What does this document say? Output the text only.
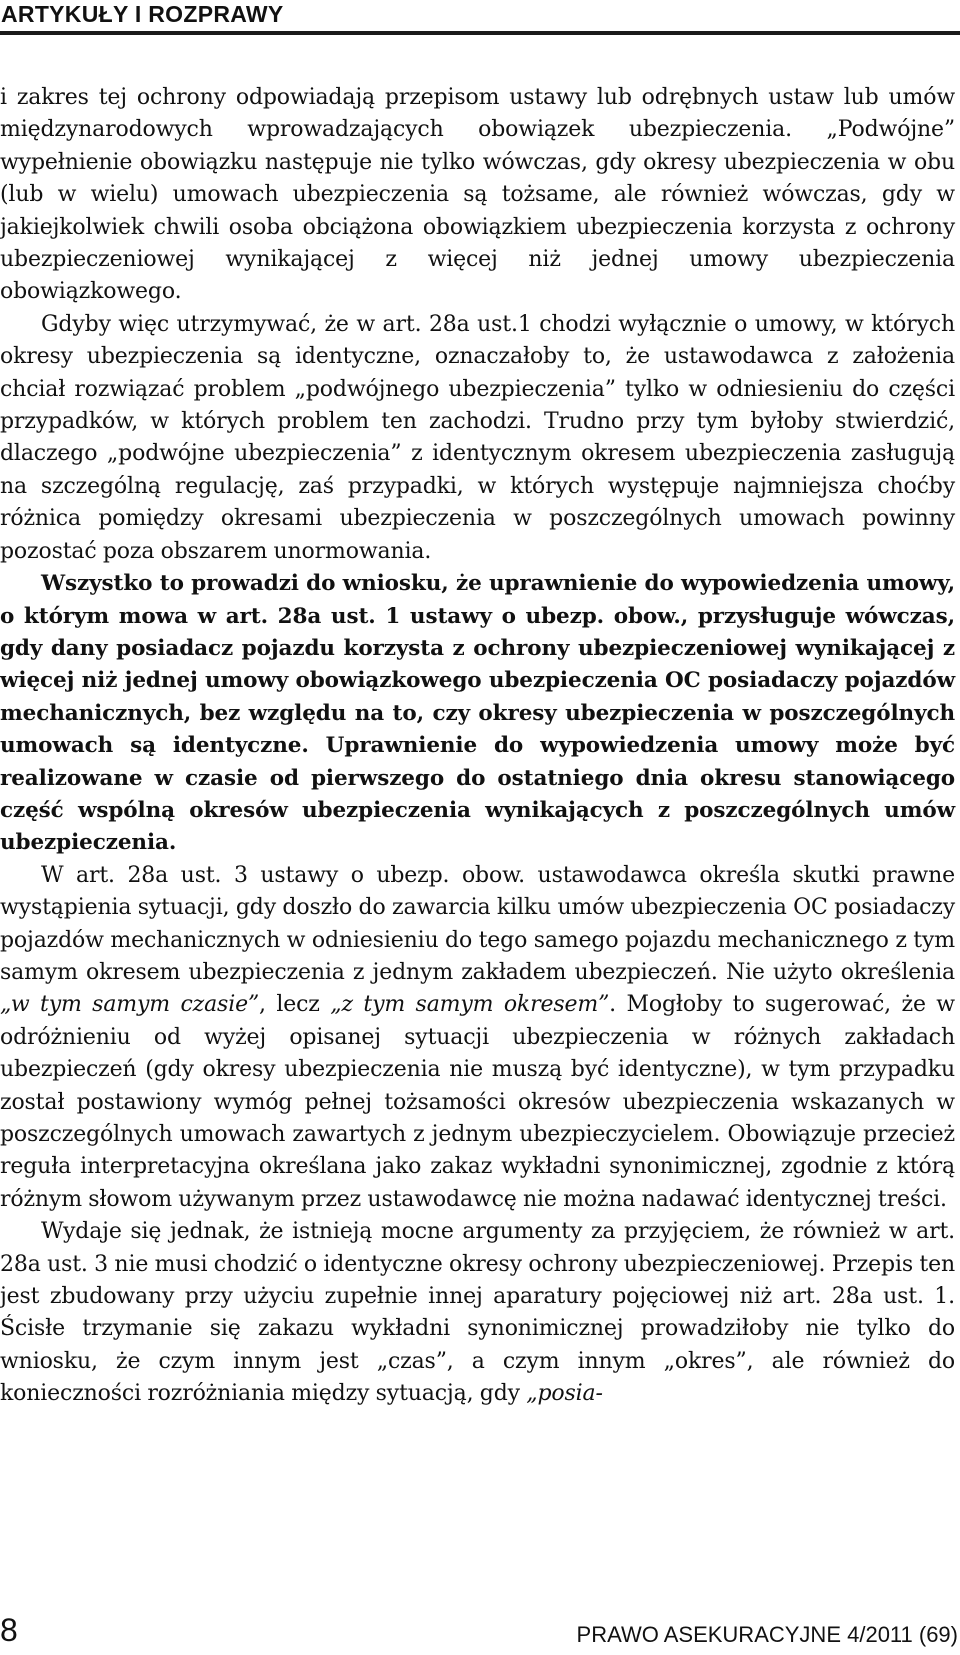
ARTYKUŁY I ROZPRAWY

i zakres tej ochrony odpowiadają przepisom ustawy lub odrębnych ustaw lub umów międzynarodowych wprowadzających obowiązek ubezpieczenia. „Podwójne” wypełnienie obowiązku następuje nie tylko wówczas, gdy okresy ubezpieczenia w obu (lub w wielu) umowach ubezpieczenia są tożsame, ale również wówczas, gdy w jakiejkolwiek chwili osoba obciążona obowiązkiem ubezpieczenia korzysta z ochrony ubezpieczeniowej wynikającej z więcej niż jednej umowy ubezpieczenia obowiązkowego.

Gdyby więc utrzymywać, że w art. 28a ust.1 chodzi wyłącznie o umowy, w których okresy ubezpieczenia są identyczne, oznaczałoby to, że ustawodawca z założenia chciał rozwiązać problem „podwójnego ubezpieczenia” tylko w odniesieniu do części przypadków, w których problem ten zachodzi. Trudno przy tym byłoby stwierdzić, dlaczego „podwójne ubezpieczenia” z identycznym okresem ubezpieczenia zasługują na szczególną regulację, zaś przypadki, w których występuje najmniejsza choćby różnica pomiędzy okresami ubezpieczenia w poszczególnych umowach powinny pozostać poza obszarem unormowania.

Wszystko to prowadzi do wniosku, że uprawnienie do wypowiedzenia umowy, o którym mowa w art. 28a ust. 1 ustawy o ubezp. obow., przysługuje wówczas, gdy dany posiadacz pojazdu korzysta z ochrony ubezpieczeniowej wynikającej z więcej niż jednej umowy obowiązkowego ubezpieczenia OC posiadaczy pojazdów mechanicznych, bez względu na to, czy okresy ubezpieczenia w poszczególnych umowach są identyczne. Uprawnienie do wypowiedzenia umowy może być realizowane w czasie od pierwszego do ostatniego dnia okresu stanowiącego część wspólną okresów ubezpieczenia wynikających z poszczególnych umów ubezpieczenia.

W art. 28a ust. 3 ustawy o ubezp. obow. ustawodawca określa skutki prawne wystąpienia sytuacji, gdy doszło do zawarcia kilku umów ubezpieczenia OC posiadaczy pojazdów mechanicznych w odniesieniu do tego samego pojazdu mechanicznego z tym samym okresem ubezpieczenia z jednym zakładem ubezpieczeń. Nie użyto określenia „w tym samym czasie”, lecz „z tym samym okresem”. Mogłoby to sugerować, że w odróżnieniu od wyżej opisanej sytuacji ubezpieczenia w różnych zakładach ubezpieczeń (gdy okresy ubezpieczenia nie muszą być identyczne), w tym przypadku został postawiony wymóg pełnej tożsamości okresów ubezpieczenia wskazanych w poszczególnych umowach zawartych z jednym ubezpieczycielem. Obowiązuje przecież reguła interpretacyjna określana jako zakaz wykładni synonimicznej, zgodnie z którą różnym słowom używanym przez ustawodawcę nie można nadawać identycznej treści.

Wydaje się jednak, że istnieją mocne argumenty za przyjęciem, że również w art. 28a ust. 3 nie musi chodzić o identyczne okresy ochrony ubezpieczeniowej. Przepis ten jest zbudowany przy użyciu zupełnie innej aparatury pojęciowej niż art. 28a ust. 1. Ścisłe trzymanie się zakazu wykładni synonimicznej prowadziłoby nie tylko do wniosku, że czym innym jest „czas”, a czym innym „okres”, ale również do konieczności rozróżniania między sytuacją, gdy „posia-

8	PRAWO ASEKURACYJNE 4/2011 (69)
